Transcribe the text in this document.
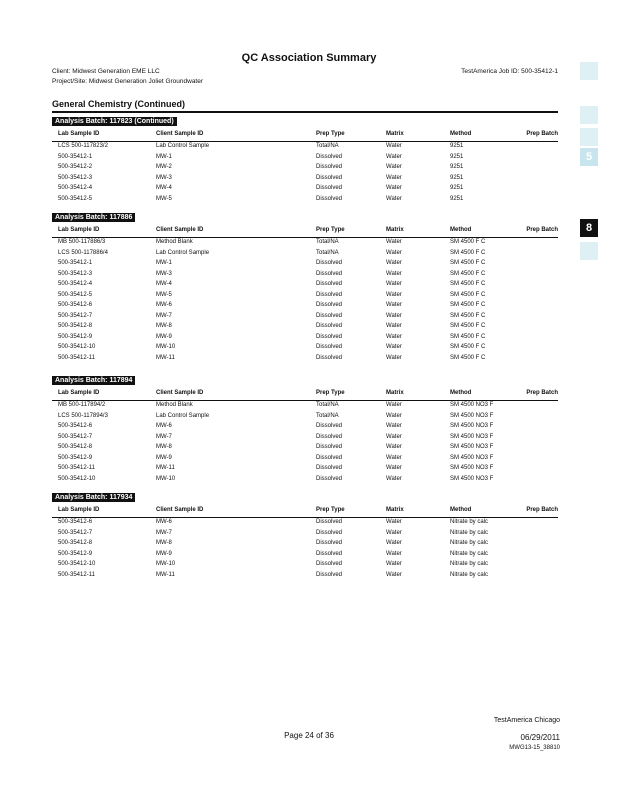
QC Association Summary
Client: Midwest Generation EME LLC
Project/Site: Midwest Generation Joliet Groundwater
TestAmerica Job ID: 500-35412-1
General Chemistry (Continued)
Analysis Batch: 117823 (Continued)
Lab Sample ID	Client Sample ID	Prep Type	Matrix	Method	Prep Batch
LCS 500-117823/2	Lab Control Sample	Total/NA	Water	9251
500-35412-1	MW-1	Dissolved	Water	9251
500-35412-2	MW-2	Dissolved	Water	9251
500-35412-3	MW-3	Dissolved	Water	9251
500-35412-4	MW-4	Dissolved	Water	9251
500-35412-5	MW-5	Dissolved	Water	9251
Analysis Batch: 117886
Lab Sample ID	Client Sample ID	Prep Type	Matrix	Method	Prep Batch
MB 500-117886/3	Method Blank	Total/NA	Water	SM 4500 F C
LCS 500-117886/4	Lab Control Sample	Total/NA	Water	SM 4500 F C
500-35412-1	MW-1	Dissolved	Water	SM 4500 F C
500-35412-3	MW-3	Dissolved	Water	SM 4500 F C
500-35412-4	MW-4	Dissolved	Water	SM 4500 F C
500-35412-5	MW-5	Dissolved	Water	SM 4500 F C
500-35412-6	MW-6	Dissolved	Water	SM 4500 F C
500-35412-7	MW-7	Dissolved	Water	SM 4500 F C
500-35412-8	MW-8	Dissolved	Water	SM 4500 F C
500-35412-9	MW-9	Dissolved	Water	SM 4500 F C
500-35412-10	MW-10	Dissolved	Water	SM 4500 F C
500-35412-11	MW-11	Dissolved	Water	SM 4500 F C
Analysis Batch: 117894
Lab Sample ID	Client Sample ID	Prep Type	Matrix	Method	Prep Batch
MB 500-117894/2	Method Blank	Total/NA	Water	SM 4500 NO3 F
LCS 500-117894/3	Lab Control Sample	Total/NA	Water	SM 4500 NO3 F
500-35412-6	MW-6	Dissolved	Water	SM 4500 NO3 F
500-35412-7	MW-7	Dissolved	Water	SM 4500 NO3 F
500-35412-8	MW-8	Dissolved	Water	SM 4500 NO3 F
500-35412-9	MW-9	Dissolved	Water	SM 4500 NO3 F
500-35412-11	MW-11	Dissolved	Water	SM 4500 NO3 F
500-35412-10	MW-10	Dissolved	Water	SM 4500 NO3 F
Analysis Batch: 117934
Lab Sample ID	Client Sample ID	Prep Type	Matrix	Method	Prep Batch
500-35412-6	MW-6	Dissolved	Water	Nitrate by calc
500-35412-7	MW-7	Dissolved	Water	Nitrate by calc
500-35412-8	MW-8	Dissolved	Water	Nitrate by calc
500-35412-9	MW-9	Dissolved	Water	Nitrate by calc
500-35412-10	MW-10	Dissolved	Water	Nitrate by calc
500-35412-11	MW-11	Dissolved	Water	Nitrate by calc
5
8
TestAmerica Chicago
Page 24 of 36	06/29/2011
MWG13-15_38810
